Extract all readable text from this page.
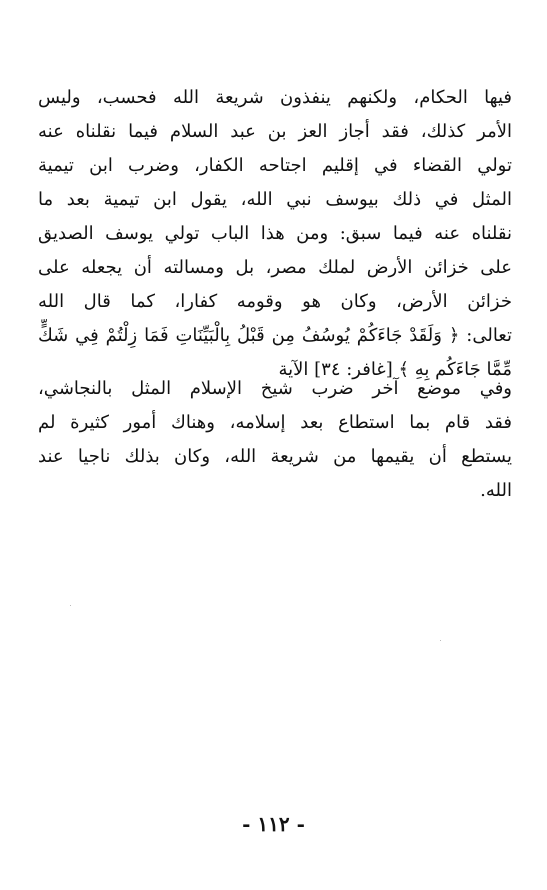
فيها الحكام، ولكنهم ينفذون شريعة الله فحسب، وليس
الأمر كذلك، فقد أجاز العز بن عبد السلام فيما نقلناه عنه
تولي القضاء في إقليم اجتاحه الكفار، وضرب ابن تيمية
المثل في ذلك بيوسف نبي الله، يقول ابن تيمية بعد ما
نقلناه عنه فيما سبق: ومن هذا الباب تولي يوسف الصديق
على خزائن الأرض لملك مصر، بل ومسالته أن يجعله على
خزائن الأرض، وكان هو وقومه كفارا، كما قال الله
تعالى: ﴿ وَلَقَدْ جَاءَكُمْ يُوسُفُ مِن قَبْلُ بِالْبَيِّنَاتِ فَمَا زِلْتُمْ فِي شَكٍّ
مِّمَّا جَاءَكُم بِهِ ﴾ [غافر: ٣٤] الآية
وفي موضع آخر ضرب شيخ الإسلام المثل بالنجاشي،
فقد قام بما استطاع بعد إسلامه، وهناك أمور كثيرة لم
يستطع أن يقيمها من شريعة الله، وكان بذلك ناجيا عند
الله.
- ١١٢ -
